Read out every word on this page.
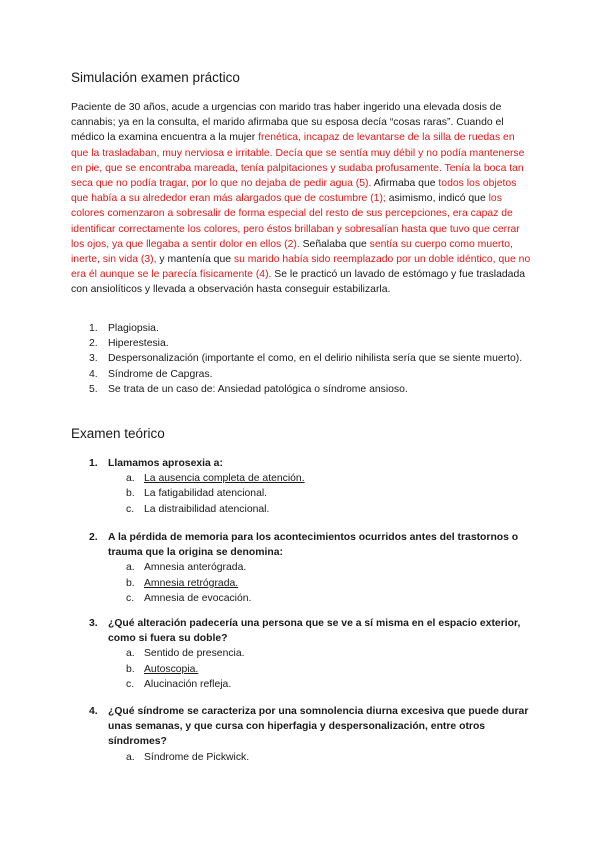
Simulación examen práctico

Paciente de 30 años, acude a urgencias con marido tras haber ingerido una elevada dosis de cannabis; ya en la consulta, el marido afirmaba que su esposa decía “cosas raras”. Cuando el médico la examina encuentra a la mujer frenética, incapaz de levantarse de la silla de ruedas en que la trasladaban, muy nerviosa e irritable. Decía que se sentía muy débil y no podía mantenerse en pie, que se encontraba mareada, tenía palpitaciones y sudaba profusamente. Tenía la boca tan seca que no podía tragar, por lo que no dejaba de pedir agua (5). Afirmaba que todos los objetos que había a su alrededor eran más alargados que de costumbre (1); asimismo, indicó que los colores comenzaron a sobresalir de forma especial del resto de sus percepciones, era capaz de identificar correctamente los colores, pero éstos brillaban y sobresalían hasta que tuvo que cerrar los ojos, ya que llegaba a sentir dolor en ellos (2). Señalaba que sentía su cuerpo como muerto, inerte, sin vida (3), y mantenía que su marido había sido reemplazado por un doble idéntico, que no era él aunque se le parecía físicamente (4). Se le practicó un lavado de estómago y fue trasladada con ansiolíticos y llevada a observación hasta conseguir estabilizarla.

1. Plagiopsia.
2. Hiperestesia.
3. Despersonalización (importante el como, en el delirio nihilista sería que se siente muerto).
4. Síndrome de Capgras.
5. Se trata de un caso de: Ansiedad patológica o síndrome ansioso.
Examen teórico
1. Llamamos aprosexia a:
a. La ausencia completa de atención.
b. La fatigabilidad atencional.
c. La distraibilidad atencional.
2. A la pérdida de memoria para los acontecimientos ocurridos antes del trastornos o trauma que la origina se denomina:
a. Amnesia anterógrada.
b. Amnesia retrógrada.
c. Amnesia de evocación.
3. ¿Qué alteración padecería una persona que se ve a sí misma en el espacio exterior, como si fuera su doble?
a. Sentido de presencia.
b. Autoscopia.
c. Alucinación refleja.
4. ¿Qué síndrome se caracteriza por una somnolencia diurna excesiva que puede durar unas semanas, y que cursa con hiperfagia y despersonalización, entre otros síndromes?
a. Síndrome de Pickwick.
